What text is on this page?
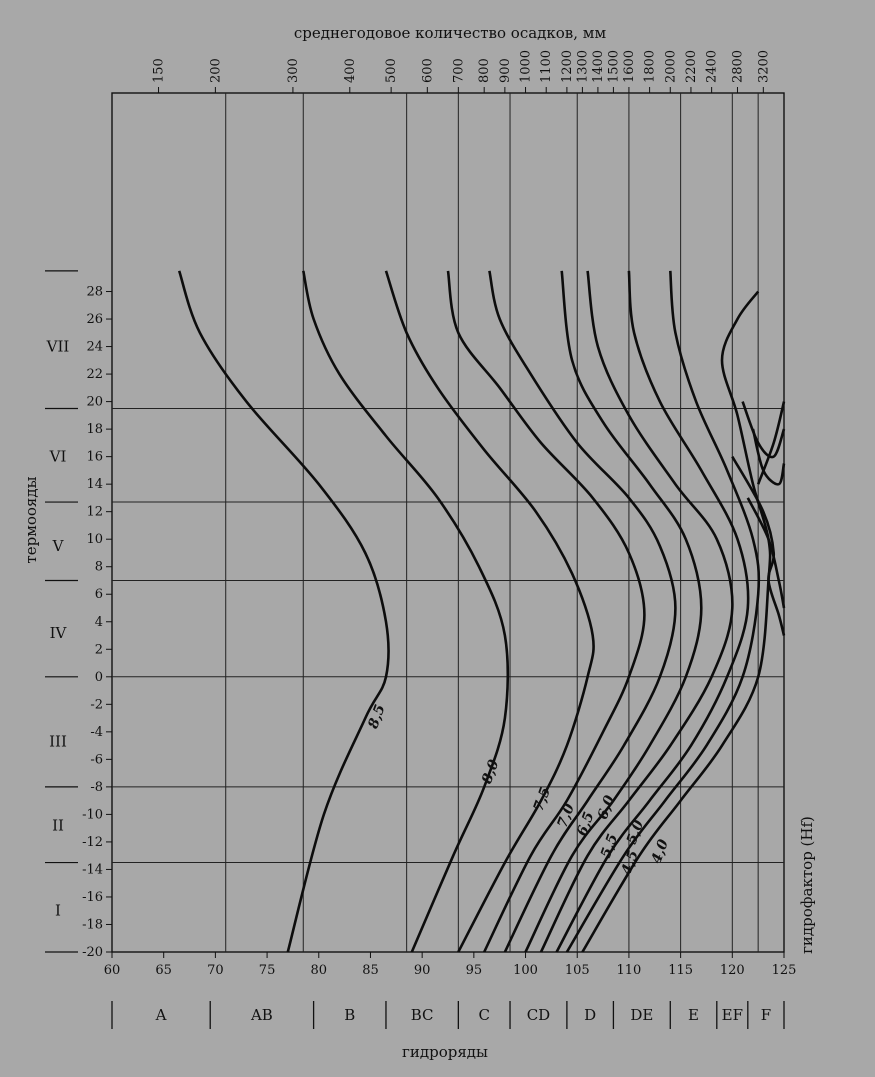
среднегодовое количество осадков, мм
гидроряды
термоояды
гидрофактор (Hf)
VII
VI
V
IV
III
II
I
8,5
8,0
7,5
7,0
6,5
6,0
5,5 5,0
4,5 4,0
60	65	70	75	80	85	90	95 100 105 110 115 120 125
-20
-18
-16
-14
-12
-10
-8
-6
-4
-2
0
2
4
6
8
10
12
14
16
18
20
22
24
26
28
150	200	300	400 500 600 700 800 900 1000 1100 1200 1300 1400 1500 1600 1800 2000 2200 2400 2800 3200
A	AB	B	BC	C CD D DE E EF F
